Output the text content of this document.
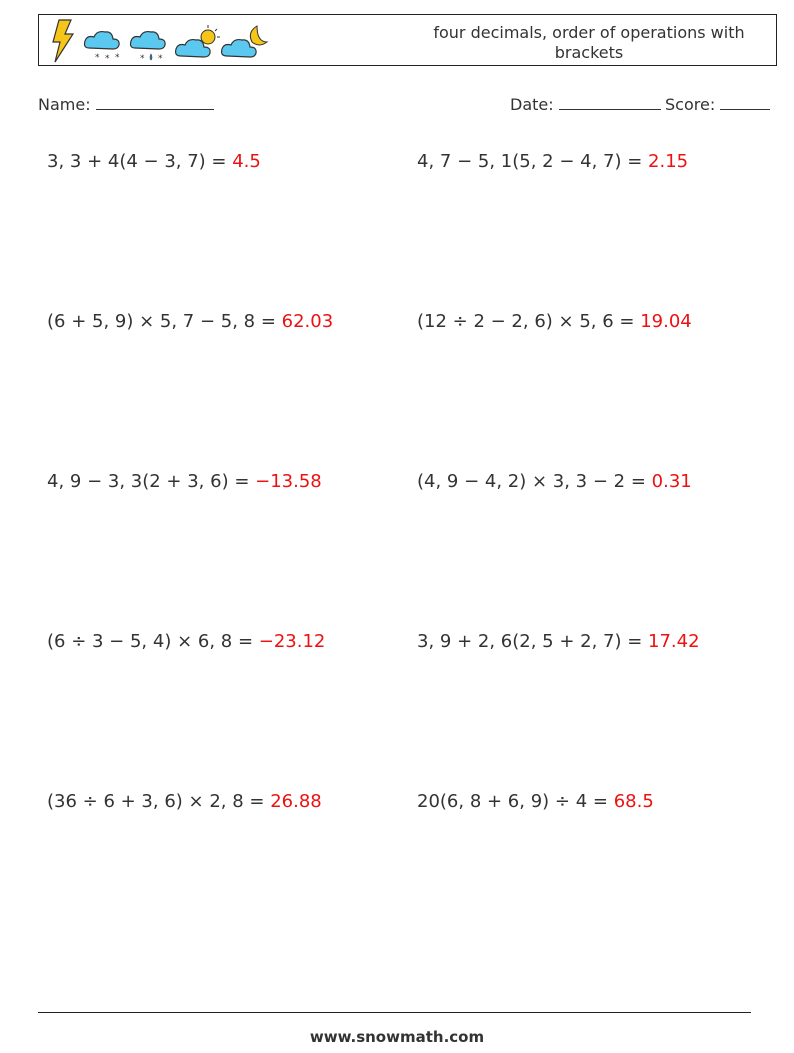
* * * * *
four decimals, order of operations with brackets
Name:	Date:	Score:
3, 3 + 4(4 − 3, 7) = 4.5	4, 7 − 5, 1(5, 2 − 4, 7) = 2.15
(6 + 5, 9) × 5, 7 − 5, 8 = 62.03	(12 ÷ 2 − 2, 6) × 5, 6 = 19.04
4, 9 − 3, 3(2 + 3, 6) = −13.58	(4, 9 − 4, 2) × 3, 3 − 2 = 0.31
(6 ÷ 3 − 5, 4) × 6, 8 = −23.12	3, 9 + 2, 6(2, 5 + 2, 7) = 17.42
(36 ÷ 6 + 3, 6) × 2, 8 = 26.88	20(6, 8 + 6, 9) ÷ 4 = 68.5
www.snowmath.com
